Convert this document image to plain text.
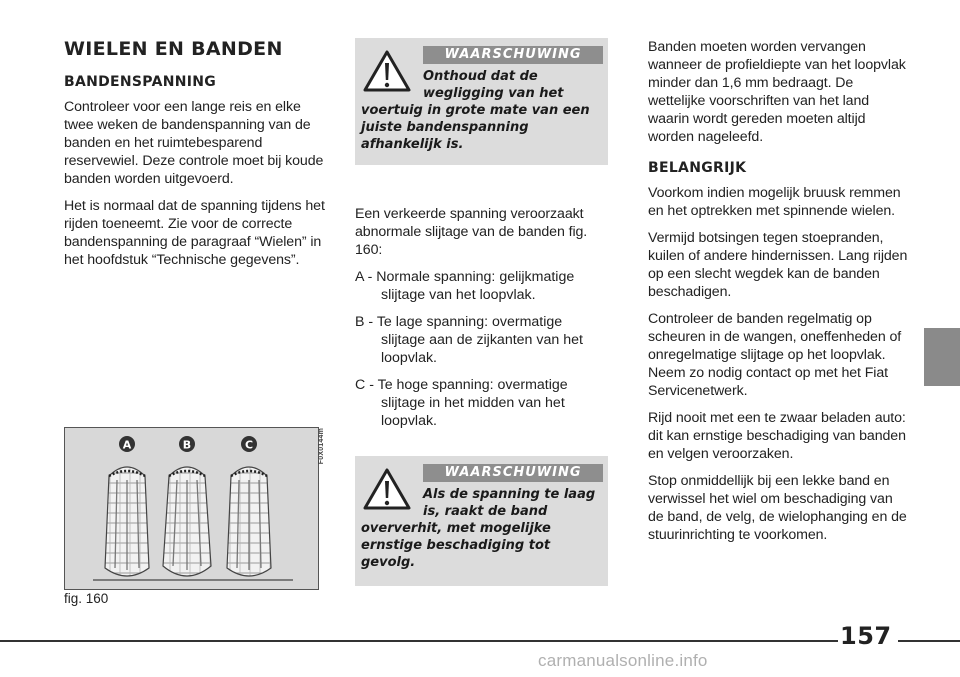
WIELEN EN BANDEN
BANDENSPANNING

Controleer voor een lange reis en elke twee weken de bandenspanning van de banden en het ruimtebesparend reservewiel. Deze controle moet bij koude banden worden uitgevoerd.

Het is normaal dat de spanning tijdens het rijden toeneemt. Zie voor de correcte bandenspanning de paragraaf “Wielen” in het hoofdstuk “Technische gegevens”.

WAARSCHUWING
Onthoud dat de wegligging van het
voertuig in grote mate van een juiste bandenspanning afhankelijk is.

Een verkeerde spanning veroorzaakt abnormale slijtage van de banden fig. 160:

A - Normale spanning: gelijkmatige slijtage van het loopvlak.

B - Te lage spanning: overmatige slijtage aan de zijkanten van het loopvlak.

C - Te hoge spanning: overmatige slijtage in het midden van het loopvlak.

WAARSCHUWING
Als de spanning te laag is, raakt de band
oververhit, met mogelijke ernstige beschadiging tot gevolg.
A	B	C	F0X0144m
fig. 160

Banden moeten worden vervangen wanneer de profieldiepte van het loopvlak minder dan 1,6 mm bedraagt. De wettelijke voorschriften van het land waarin wordt gereden moeten altijd worden nageleefd.

BELANGRIJK

Voorkom indien mogelijk bruusk remmen en het optrekken met spinnende wielen.

Vermijd botsingen tegen stoepranden, kuilen of andere hindernissen. Lang rijden op een slecht wegdek kan de banden beschadigen.

Controleer de banden regelmatig op scheuren in de wangen, oneffenheden of onregelmatige slijtage op het loopvlak. Neem zo nodig contact op met het Fiat Servicenetwerk.

Rijd nooit met een te zwaar beladen auto: dit kan ernstige beschadiging van banden en velgen veroorzaken.

Stop onmiddellijk bij een lekke band en verwissel het wiel om beschadiging van de band, de velg, de wielophanging en de stuurinrichting te voorkomen.

157
carmanualsonline.info
